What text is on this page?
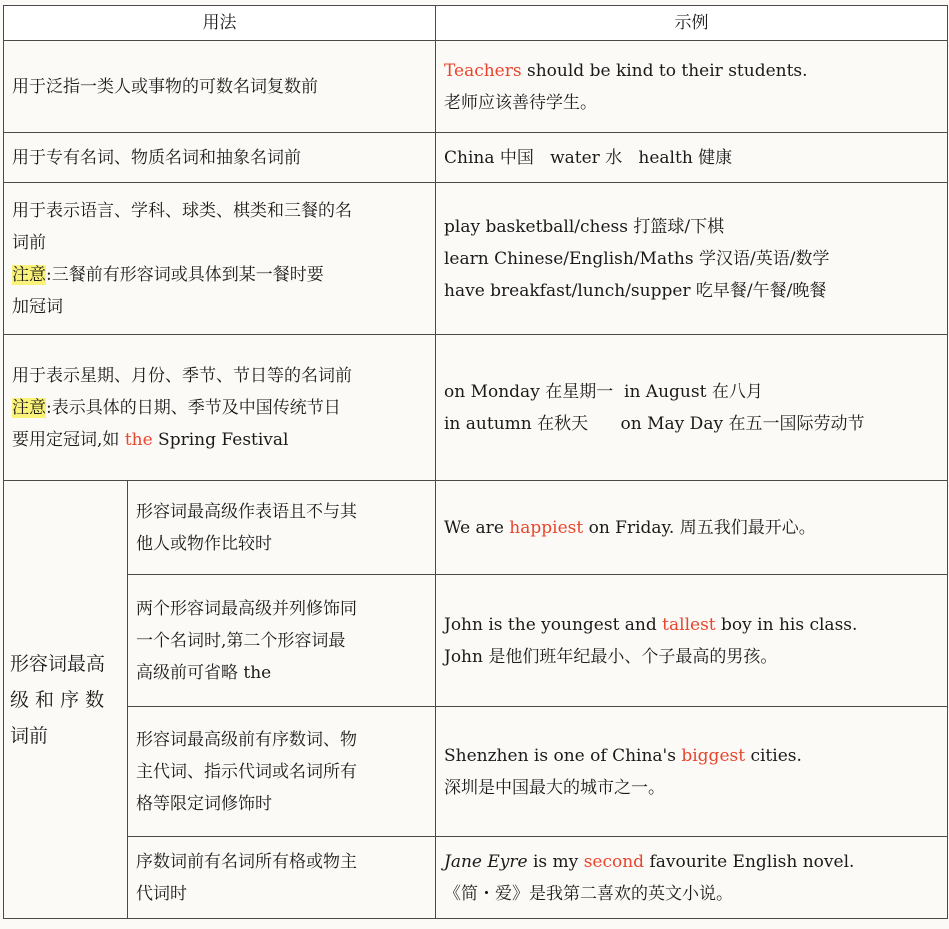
用法		示例

用于泛指一类人或事物的可数名词复数前		Teachers should be kind to their students.
老师应该善待学生。

用于专有名词、物质名词和抽象名词前		China 中国   water 水   health 健康

用于表示语言、学科、球类、棋类和三餐的名
词前
注意:三餐前有形容词或具体到某一餐时要
加冠词		play basketball/chess 打篮球/下棋
learn Chinese/English/Maths 学汉语/英语/数学
have breakfast/lunch/supper 吃早餐/午餐/晚餐

用于表示星期、月份、季节、节日等的名词前
注意:表示具体的日期、季节及中国传统节日
要用定冠词,如 the Spring Festival		on Monday 在星期一  in August 在八月
in autumn 在秋天      on May Day 在五一国际劳动节

形容词最高
级 和 序 数
词前	形容词最高级作表语且不与其
他人或物作比较时	We are happiest on Friday. 周五我们最开心。

	两个形容词最高级并列修饰同
一个名词时,第二个形容词最
高级前可省略 the	John is the youngest and tallest boy in his class.
John 是他们班年纪最小、个子最高的男孩。

	形容词最高级前有序数词、物
主代词、指示代词或名词所有
格等限定词修饰时	Shenzhen is one of China's biggest cities.
深圳是中国最大的城市之一。

	序数词前有名词所有格或物主
代词时	Jane Eyre is my second favourite English novel.
《简・爱》是我第二喜欢的英文小说。
